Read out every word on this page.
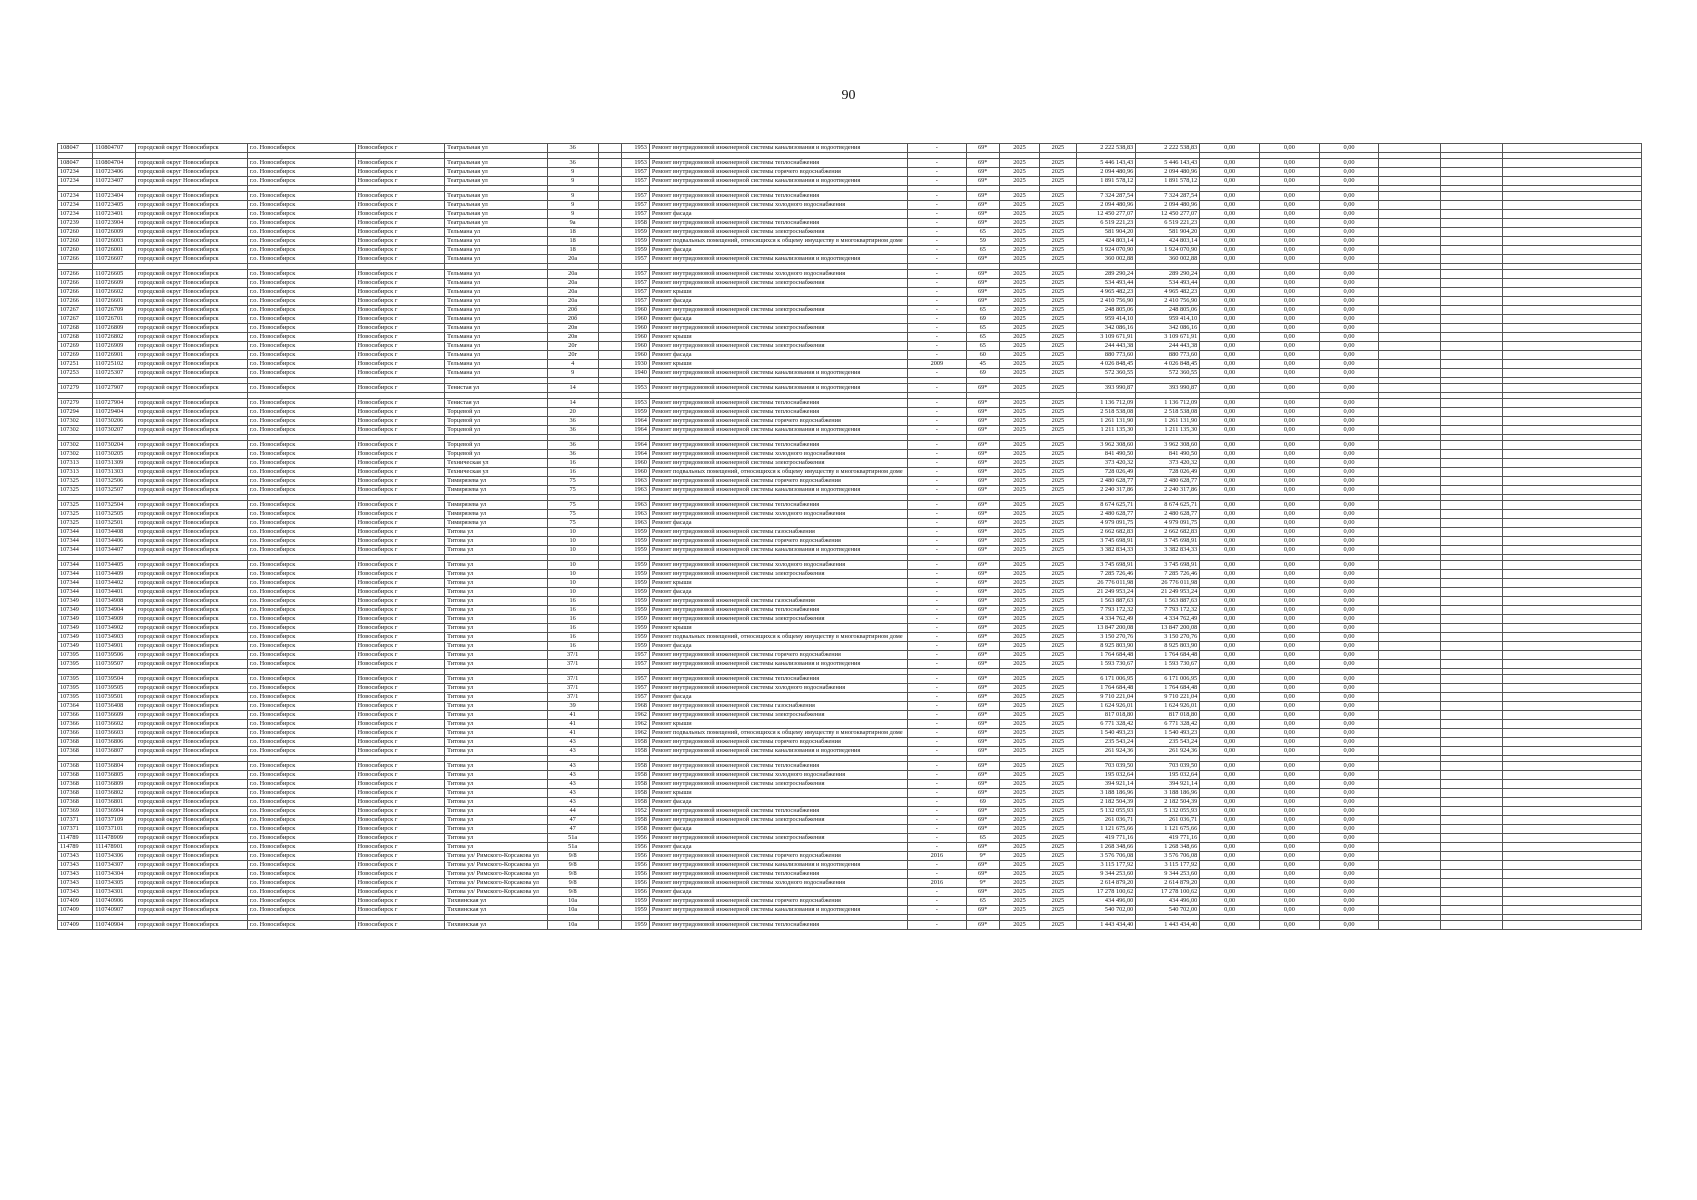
90
108047	110804707	городской округ Новосибирск	г.о. Новосибирск	Новосибирск г	Театральная ул	36		1953	Ремонт внутридомовой инженерной системы канализования и водоотведения	-	69*	2025	2025	2 222 538,83	2 222 538,83	0,00	0,00	0,00			

108047	110804704	городской округ Новосибирск	г.о. Новосибирск	Новосибирск г	Театральная ул	36		1953	Ремонт внутридомовой инженерной системы теплоснабжения	-	69*	2025	2025	5 446 143,43	5 446 143,43	0,00	0,00	0,00			
107234	110723406	городской округ Новосибирск	г.о. Новосибирск	Новосибирск г	Театральная ул	9		1957	Ремонт внутридомовой инженерной системы горячего водоснабжения	-	69*	2025	2025	2 094 480,96	2 094 480,96	0,00	0,00	0,00			
107234	110723407	городской округ Новосибирск	г.о. Новосибирск	Новосибирск г	Театральная ул	9		1957	Ремонт внутридомовой инженерной системы канализования и водоотведения	-	69*	2025	2025	1 891 578,12	1 891 578,12	0,00	0,00	0,00			

107234	110723404	городской округ Новосибирск	г.о. Новосибирск	Новосибирск г	Театральная ул	9		1957	Ремонт внутридомовой инженерной системы теплоснабжения	-	69*	2025	2025	7 324 287,54	7 324 287,54	0,00	0,00	0,00			
107234	110723405	городской округ Новосибирск	г.о. Новосибирск	Новосибирск г	Театральная ул	9		1957	Ремонт внутридомовой инженерной системы холодного водоснабжения	-	69*	2025	2025	2 094 480,96	2 094 480,96	0,00	0,00	0,00			
107234	110723401	городской округ Новосибирск	г.о. Новосибирск	Новосибирск г	Театральная ул	9		1957	Ремонт фасада	-	69*	2025	2025	12 450 277,07	12 450 277,07	0,00	0,00	0,00			
107239	110723904	городской округ Новосибирск	г.о. Новосибирск	Новосибирск г	Театральная ул	9а		1958	Ремонт внутридомовой инженерной системы теплоснабжения	-	69*	2025	2025	6 519 221,23	6 519 221,23	0,00	0,00	0,00			
107260	110726009	городской округ Новосибирск	г.о. Новосибирск	Новосибирск г	Тельмана ул	18		1959	Ремонт внутридомовой инженерной системы электроснабжения	-	65	2025	2025	581 904,20	581 904,20	0,00	0,00	0,00			
107260	110726003	городской округ Новосибирск	г.о. Новосибирск	Новосибирск г	Тельмана ул	18		1959	Ремонт подвальных помещений, относящихся к общему имуществу в многоквартирном доме	-	59	2025	2025	424 803,14	424 803,14	0,00	0,00	0,00			
107260	110726001	городской округ Новосибирск	г.о. Новосибирск	Новосибирск г	Тельмана ул	18		1959	Ремонт фасада	-	65	2025	2025	1 924 070,90	1 924 070,90	0,00	0,00	0,00			
107266	110726607	городской округ Новосибирск	г.о. Новосибирск	Новосибирск г	Тельмана ул	20а		1957	Ремонт внутридомовой инженерной системы канализования и водоотведения	-	69*	2025	2025	360 002,88	360 002,88	0,00	0,00	0,00			

107266	110726605	городской округ Новосибирск	г.о. Новосибирск	Новосибирск г	Тельмана ул	20а		1957	Ремонт внутридомовой инженерной системы холодного водоснабжения	-	69*	2025	2025	289 290,24	289 290,24	0,00	0,00	0,00			
107266	110726609	городской округ Новосибирск	г.о. Новосибирск	Новосибирск г	Тельмана ул	20а		1957	Ремонт внутридомовой инженерной системы электроснабжения	-	69*	2025	2025	534 493,44	534 493,44	0,00	0,00	0,00			
107266	110726602	городской округ Новосибирск	г.о. Новосибирск	Новосибирск г	Тельмана ул	20а		1957	Ремонт крыши	-	69*	2025	2025	4 965 482,23	4 965 482,23	0,00	0,00	0,00			
107266	110726601	городской округ Новосибирск	г.о. Новосибирск	Новосибирск г	Тельмана ул	20а		1957	Ремонт фасада	-	69*	2025	2025	2 410 756,90	2 410 756,90	0,00	0,00	0,00			
107267	110726709	городской округ Новосибирск	г.о. Новосибирск	Новосибирск г	Тельмана ул	20б		1960	Ремонт внутридомовой инженерной системы электроснабжения	-	65	2025	2025	248 805,06	248 805,06	0,00	0,00	0,00			
107267	110726701	городской округ Новосибирск	г.о. Новосибирск	Новосибирск г	Тельмана ул	20б		1960	Ремонт фасада	-	69	2025	2025	959 414,10	959 414,10	0,00	0,00	0,00			
107268	110726809	городской округ Новосибирск	г.о. Новосибирск	Новосибирск г	Тельмана ул	20в		1960	Ремонт внутридомовой инженерной системы электроснабжения	-	65	2025	2025	342 086,16	342 086,16	0,00	0,00	0,00			
107268	110726802	городской округ Новосибирск	г.о. Новосибирск	Новосибирск г	Тельмана ул	20в		1960	Ремонт крыши	-	65	2025	2025	3 109 671,91	3 109 671,91	0,00	0,00	0,00			
107269	110726909	городской округ Новосибирск	г.о. Новосибирск	Новосибирск г	Тельмана ул	20г		1960	Ремонт внутридомовой инженерной системы электроснабжения	-	65	2025	2025	244 443,38	244 443,38	0,00	0,00	0,00			
107269	110726901	городской округ Новосибирск	г.о. Новосибирск	Новосибирск г	Тельмана ул	20г		1960	Ремонт фасада	-	60	2025	2025	880 773,60	880 773,60	0,00	0,00	0,00			
107251	110725102	городской округ Новосибирск	г.о. Новосибирск	Новосибирск г	Тельмана ул	4		1930	Ремонт крыши	2009	45	2025	2025	4 026 848,45	4 026 848,45	0,00	0,00	0,00			
107253	110725307	городской округ Новосибирск	г.о. Новосибирск	Новосибирск г	Тельмана ул	9		1940	Ремонт внутридомовой инженерной системы канализования и водоотведения	-	69	2025	2025	572 360,55	572 360,55	0,00	0,00	0,00			

107279	110727907	городской округ Новосибирск	г.о. Новосибирск	Новосибирск г	Тенистая ул	14		1953	Ремонт внутридомовой инженерной системы канализования и водоотведения	-	69*	2025	2025	393 990,87	393 990,87	0,00	0,00	0,00			

107279	110727904	городской округ Новосибирск	г.о. Новосибирск	Новосибирск г	Тенистая ул	14		1953	Ремонт внутридомовой инженерной системы теплоснабжения	-	69*	2025	2025	1 136 712,09	1 136 712,09	0,00	0,00	0,00			
107294	110729404	городской округ Новосибирск	г.о. Новосибирск	Новосибирск г	Торцевой ул	20		1959	Ремонт внутридомовой инженерной системы теплоснабжения	-	69*	2025	2025	2 518 538,08	2 518 538,08	0,00	0,00	0,00			
107302	110730206	городской округ Новосибирск	г.о. Новосибирск	Новосибирск г	Торцевой ул	36		1964	Ремонт внутридомовой инженерной системы горячего водоснабжения	-	69*	2025	2025	1 261 131,90	1 261 131,90	0,00	0,00	0,00			
107302	110730207	городской округ Новосибирск	г.о. Новосибирск	Новосибирск г	Торцевой ул	36		1964	Ремонт внутридомовой инженерной системы канализования и водоотведения	-	69*	2025	2025	1 211 135,30	1 211 135,30	0,00	0,00	0,00			

107302	110730204	городской округ Новосибирск	г.о. Новосибирск	Новосибирск г	Торцевой ул	36		1964	Ремонт внутридомовой инженерной системы теплоснабжения	-	69*	2025	2025	3 962 308,60	3 962 308,60	0,00	0,00	0,00			
107302	110730205	городской округ Новосибирск	г.о. Новосибирск	Новосибирск г	Торцевой ул	36		1964	Ремонт внутридомовой инженерной системы холодного водоснабжения	-	69*	2025	2025	841 490,50	841 490,50	0,00	0,00	0,00			
107313	110731309	городской округ Новосибирск	г.о. Новосибирск	Новосибирск г	Техническая ул	16		1960	Ремонт внутридомовой инженерной системы электроснабжения	-	69*	2025	2025	373 420,32	373 420,32	0,00	0,00	0,00			
107313	110731303	городской округ Новосибирск	г.о. Новосибирск	Новосибирск г	Техническая ул	16		1960	Ремонт подвальных помещений, относящихся к общему имуществу в многоквартирном доме	-	69*	2025	2025	728 026,49	728 026,49	0,00	0,00	0,00			
107325	110732506	городской округ Новосибирск	г.о. Новосибирск	Новосибирск г	Тимирязева ул	75		1963	Ремонт внутридомовой инженерной системы горячего водоснабжения	-	69*	2025	2025	2 480 628,77	2 480 628,77	0,00	0,00	0,00			
107325	110732507	городской округ Новосибирск	г.о. Новосибирск	Новосибирск г	Тимирязева ул	75		1963	Ремонт внутридомовой инженерной системы канализования и водоотведения	-	69*	2025	2025	2 240 317,86	2 240 317,86	0,00	0,00	0,00			

107325	110732504	городской округ Новосибирск	г.о. Новосибирск	Новосибирск г	Тимирязева ул	75		1963	Ремонт внутридомовой инженерной системы теплоснабжения	-	69*	2025	2025	8 674 625,71	8 674 625,71	0,00	0,00	0,00			
107325	110732505	городской округ Новосибирск	г.о. Новосибирск	Новосибирск г	Тимирязева ул	75		1963	Ремонт внутридомовой инженерной системы холодного водоснабжения	-	69*	2025	2025	2 480 628,77	2 480 628,77	0,00	0,00	0,00			
107325	110732501	городской округ Новосибирск	г.о. Новосибирск	Новосибирск г	Тимирязева ул	75		1963	Ремонт фасада	-	69*	2025	2025	4 979 091,75	4 979 091,75	0,00	0,00	0,00			
107344	110734408	городской округ Новосибирск	г.о. Новосибирск	Новосибирск г	Титова ул	10		1959	Ремонт внутридомовой инженерной системы газоснабжения	-	69*	2025	2025	2 662 682,83	2 662 682,83	0,00	0,00	0,00			
107344	110734406	городской округ Новосибирск	г.о. Новосибирск	Новосибирск г	Титова ул	10		1959	Ремонт внутридомовой инженерной системы горячего водоснабжения	-	69*	2025	2025	3 745 698,91	3 745 698,91	0,00	0,00	0,00			
107344	110734407	городской округ Новосибирск	г.о. Новосибирск	Новосибирск г	Титова ул	10		1959	Ремонт внутридомовой инженерной системы канализования и водоотведения	-	69*	2025	2025	3 382 834,33	3 382 834,33	0,00	0,00	0,00			

107344	110734405	городской округ Новосибирск	г.о. Новосибирск	Новосибирск г	Титова ул	10		1959	Ремонт внутридомовой инженерной системы холодного водоснабжения	-	69*	2025	2025	3 745 698,91	3 745 698,91	0,00	0,00	0,00			
107344	110734409	городской округ Новосибирск	г.о. Новосибирск	Новосибирск г	Титова ул	10		1959	Ремонт внутридомовой инженерной системы электроснабжения	-	69*	2025	2025	7 285 726,46	7 285 726,46	0,00	0,00	0,00			
107344	110734402	городской округ Новосибирск	г.о. Новосибирск	Новосибирск г	Титова ул	10		1959	Ремонт крыши	-	69*	2025	2025	26 776 011,98	26 776 011,98	0,00	0,00	0,00			
107344	110734401	городской округ Новосибирск	г.о. Новосибирск	Новосибирск г	Титова ул	10		1959	Ремонт фасада	-	69*	2025	2025	21 249 953,24	21 249 953,24	0,00	0,00	0,00			
107349	110734908	городской округ Новосибирск	г.о. Новосибирск	Новосибирск г	Титова ул	16		1959	Ремонт внутридомовой инженерной системы газоснабжения	-	69*	2025	2025	1 563 887,63	1 563 887,63	0,00	0,00	0,00			
107349	110734904	городской округ Новосибирск	г.о. Новосибирск	Новосибирск г	Титова ул	16		1959	Ремонт внутридомовой инженерной системы теплоснабжения	-	69*	2025	2025	7 793 172,32	7 793 172,32	0,00	0,00	0,00			
107349	110734909	городской округ Новосибирск	г.о. Новосибирск	Новосибирск г	Титова ул	16		1959	Ремонт внутридомовой инженерной системы электроснабжения	-	69*	2025	2025	4 334 762,49	4 334 762,49	0,00	0,00	0,00			
107349	110734902	городской округ Новосибирск	г.о. Новосибирск	Новосибирск г	Титова ул	16		1959	Ремонт крыши	-	69*	2025	2025	13 847 200,08	13 847 200,08	0,00	0,00	0,00			
107349	110734903	городской округ Новосибирск	г.о. Новосибирск	Новосибирск г	Титова ул	16		1959	Ремонт подвальных помещений, относящихся к общему имуществу в многоквартирном доме	-	69*	2025	2025	3 150 270,76	3 150 270,76	0,00	0,00	0,00			
107349	110734901	городской округ Новосибирск	г.о. Новосибирск	Новосибирск г	Титова ул	16		1959	Ремонт фасада	-	69*	2025	2025	8 925 803,90	8 925 803,90	0,00	0,00	0,00			
107395	110739506	городской округ Новосибирск	г.о. Новосибирск	Новосибирск г	Титова ул	37/1		1957	Ремонт внутридомовой инженерной системы горячего водоснабжения	-	69*	2025	2025	1 764 684,48	1 764 684,48	0,00	0,00	0,00			
107395	110739507	городской округ Новосибирск	г.о. Новосибирск	Новосибирск г	Титова ул	37/1		1957	Ремонт внутридомовой инженерной системы канализования и водоотведения	-	69*	2025	2025	1 593 730,67	1 593 730,67	0,00	0,00	0,00			

107395	110739504	городской округ Новосибирск	г.о. Новосибирск	Новосибирск г	Титова ул	37/1		1957	Ремонт внутридомовой инженерной системы теплоснабжения	-	69*	2025	2025	6 171 006,95	6 171 006,95	0,00	0,00	0,00			
107395	110739505	городской округ Новосибирск	г.о. Новосибирск	Новосибирск г	Титова ул	37/1		1957	Ремонт внутридомовой инженерной системы холодного водоснабжения	-	69*	2025	2025	1 764 684,48	1 764 684,48	0,00	0,00	0,00			
107395	110739501	городской округ Новосибирск	г.о. Новосибирск	Новосибирск г	Титова ул	37/1		1957	Ремонт фасада	-	69*	2025	2025	9 710 221,04	9 710 221,04	0,00	0,00	0,00			
107364	110736408	городской округ Новосибирск	г.о. Новосибирск	Новосибирск г	Титова ул	39		1968	Ремонт внутридомовой инженерной системы газоснабжения	-	69*	2025	2025	1 624 926,01	1 624 926,01	0,00	0,00	0,00			
107366	110736609	городской округ Новосибирск	г.о. Новосибирск	Новосибирск г	Титова ул	41		1962	Ремонт внутридомовой инженерной системы электроснабжения	-	69*	2025	2025	817 018,80	817 018,80	0,00	0,00	0,00			
107366	110736602	городской округ Новосибирск	г.о. Новосибирск	Новосибирск г	Титова ул	41		1962	Ремонт крыши	-	69*	2025	2025	6 771 328,42	6 771 328,42	0,00	0,00	0,00			
107366	110736603	городской округ Новосибирск	г.о. Новосибирск	Новосибирск г	Титова ул	41		1962	Ремонт подвальных помещений, относящихся к общему имуществу в многоквартирном доме	-	69*	2025	2025	1 540 493,23	1 540 493,23	0,00	0,00	0,00			
107368	110736806	городской округ Новосибирск	г.о. Новосибирск	Новосибирск г	Титова ул	43		1958	Ремонт внутридомовой инженерной системы горячего водоснабжения	-	69*	2025	2025	235 543,24	235 543,24	0,00	0,00	0,00			
107368	110736807	городской округ Новосибирск	г.о. Новосибирск	Новосибирск г	Титова ул	43		1958	Ремонт внутридомовой инженерной системы канализования и водоотведения	-	69*	2025	2025	261 924,36	261 924,36	0,00	0,00	0,00			

107368	110736804	городской округ Новосибирск	г.о. Новосибирск	Новосибирск г	Титова ул	43		1958	Ремонт внутридомовой инженерной системы теплоснабжения	-	69*	2025	2025	703 039,50	703 039,50	0,00	0,00	0,00			
107368	110736805	городской округ Новосибирск	г.о. Новосибирск	Новосибирск г	Титова ул	43		1958	Ремонт внутридомовой инженерной системы холодного водоснабжения	-	69*	2025	2025	195 032,64	195 032,64	0,00	0,00	0,00			
107368	110736809	городской округ Новосибирск	г.о. Новосибирск	Новосибирск г	Титова ул	43		1958	Ремонт внутридомовой инженерной системы электроснабжения	-	69*	2025	2025	394 921,14	394 921,14	0,00	0,00	0,00			
107368	110736802	городской округ Новосибирск	г.о. Новосибирск	Новосибирск г	Титова ул	43		1958	Ремонт крыши	-	69*	2025	2025	3 188 186,96	3 188 186,96	0,00	0,00	0,00			
107368	110736801	городской округ Новосибирск	г.о. Новосибирск	Новосибирск г	Титова ул	43		1958	Ремонт фасада	-	69	2025	2025	2 182 504,39	2 182 504,39	0,00	0,00	0,00			
107369	110736904	городской округ Новосибирск	г.о. Новосибирск	Новосибирск г	Титова ул	44		1952	Ремонт внутридомовой инженерной системы теплоснабжения	-	69*	2025	2025	5 132 055,93	5 132 055,93	0,00	0,00	0,00			
107371	110737109	городской округ Новосибирск	г.о. Новосибирск	Новосибирск г	Титова ул	47		1958	Ремонт внутридомовой инженерной системы электроснабжения	-	69*	2025	2025	261 036,71	261 036,71	0,00	0,00	0,00			
107371	110737101	городской округ Новосибирск	г.о. Новосибирск	Новосибирск г	Титова ул	47		1958	Ремонт фасада	-	69*	2025	2025	1 121 675,66	1 121 675,66	0,00	0,00	0,00			
114789	111478909	городской округ Новосибирск	г.о. Новосибирск	Новосибирск г	Титова ул	51а		1956	Ремонт внутридомовой инженерной системы электроснабжения	-	65	2025	2025	419 771,16	419 771,16	0,00	0,00	0,00			
114789	111478901	городской округ Новосибирск	г.о. Новосибирск	Новосибирск г	Титова ул	51а		1956	Ремонт фасада	-	69*	2025	2025	1 268 348,66	1 268 348,66	0,00	0,00	0,00			
107343	110734306	городской округ Новосибирск	г.о. Новосибирск	Новосибирск г	Титова ул/ Римского-Корсакова ул	9/8		1956	Ремонт внутридомовой инженерной системы горячего водоснабжения	2016	9*	2025	2025	3 576 706,08	3 576 706,08	0,00	0,00	0,00			
107343	110734307	городской округ Новосибирск	г.о. Новосибирск	Новосибирск г	Титова ул/ Римского-Корсакова ул	9/8		1956	Ремонт внутридомовой инженерной системы канализования и водоотведения	-	69*	2025	2025	3 115 177,92	3 115 177,92	0,00	0,00	0,00			
107343	110734304	городской округ Новосибирск	г.о. Новосибирск	Новосибирск г	Титова ул/ Римского-Корсакова ул	9/8		1956	Ремонт внутридомовой инженерной системы теплоснабжения	-	69*	2025	2025	9 344 253,60	9 344 253,60	0,00	0,00	0,00			
107343	110734305	городской округ Новосибирск	г.о. Новосибирск	Новосибирск г	Титова ул/ Римского-Корсакова ул	9/8		1956	Ремонт внутридомовой инженерной системы холодного водоснабжения	2016	9*	2025	2025	2 614 879,20	2 614 879,20	0,00	0,00	0,00			
107343	110734301	городской округ Новосибирск	г.о. Новосибирск	Новосибирск г	Титова ул/ Римского-Корсакова ул	9/8		1956	Ремонт фасада	-	69*	2025	2025	17 278 100,62	17 278 100,62	0,00	0,00	0,00			
107409	110740906	городской округ Новосибирск	г.о. Новосибирск	Новосибирск г	Тихвинская ул	10а		1959	Ремонт внутридомовой инженерной системы горячего водоснабжения	-	65	2025	2025	434 496,00	434 496,00	0,00	0,00	0,00			
107409	110740907	городской округ Новосибирск	г.о. Новосибирск	Новосибирск г	Тихвинская ул	10а		1959	Ремонт внутридомовой инженерной системы канализования и водоотведения	-	69*	2025	2025	540 702,00	540 702,00	0,00	0,00	0,00			

107409	110740904	городской округ Новосибирск	г.о. Новосибирск	Новосибирск г	Тихвинская ул	10а		1959	Ремонт внутридомовой инженерной системы теплоснабжения	-	69*	2025	2025	1 443 434,40	1 443 434,40	0,00	0,00	0,00			
